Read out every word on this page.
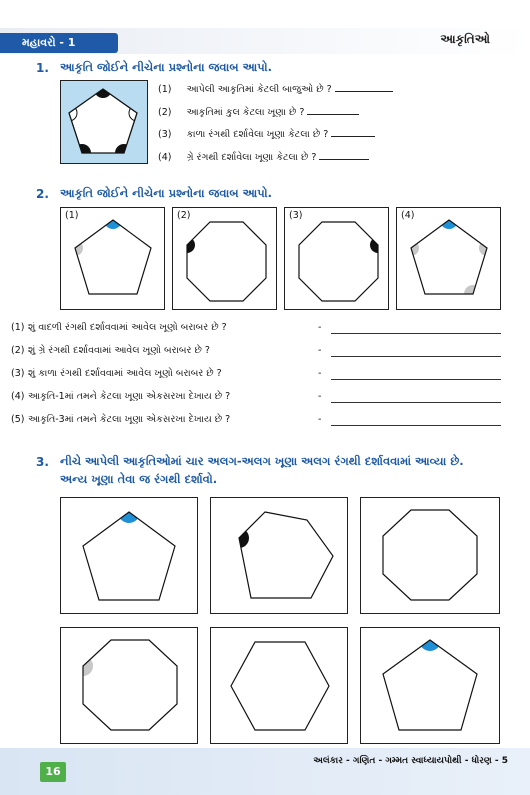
મહાવરો - 1	આકૃતિઓ
1. આકૃતિ જોઈને નીચેના પ્રશ્નોના જવાબ આપો.
(1) આપેલી આકૃતિમાં કેટલી બાજુઓ છે ?
(2) આકૃતિમાં કુલ કેટલા ખૂણા છે ?
(3) કાળા રંગથી દર્શાવેલા ખૂણા કેટલા છે ?
(4) ગ્રે રંગથી દર્શાવેલા ખૂણા કેટલા છે ?
2. આકૃતિ જોઈને નીચેના પ્રશ્નોના જવાબ આપો.
(1)	(2)	(3)	(4)
(1) શું વાદળી રંગથી દર્શાવવામાં આવેલ ખૂણો બરાબર છે ?	-
(2) શું ગ્રે રંગથી દર્શાવવામાં આવેલ ખૂણો બરાબર છે ?	-
(3) શું કાળા રંગથી દર્શાવવામાં આવેલ ખૂણો બરાબર છે ?	-
(4) આકૃતિ-1માં તમને કેટલા ખૂણા એકસરખા દેખાય છે ?	-
(5) આકૃતિ-3માં તમને કેટલા ખૂણા એકસરખા દેખાય છે ?	-
3. નીચે આપેલી આકૃતિઓમાં ચાર અલગ-અલગ ખૂણા અલગ રંગથી દર્શાવવામાં આવ્યા છે.
અન્ય ખૂણા તેવા જ રંગથી દર્શાવો.
અલંકાર - ગણિત - ગમ્મત સ્વાધ્યાયપોથી - ધોરણ - 5
16
